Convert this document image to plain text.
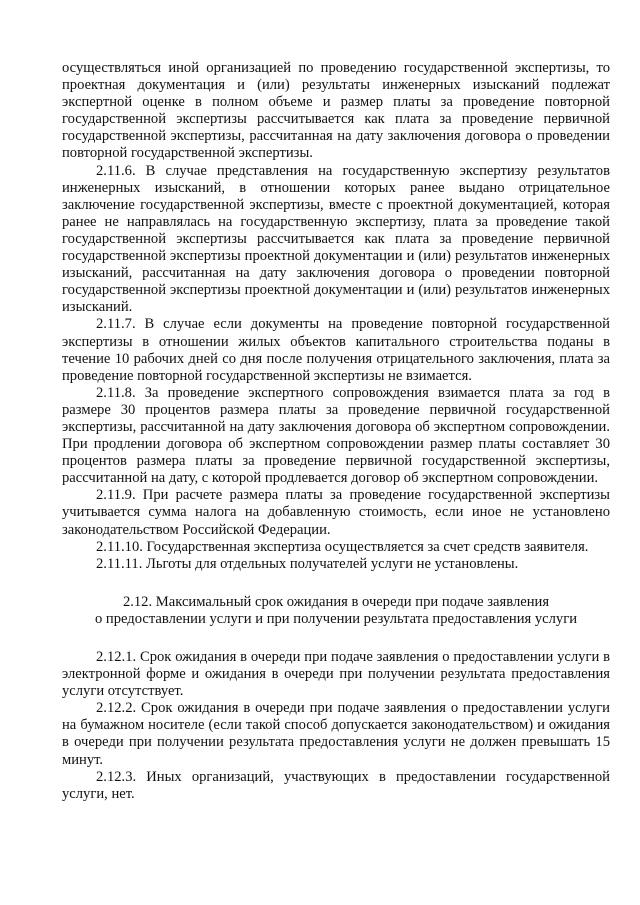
осуществляться иной организацией по проведению государственной экспертизы, то проектная документация и (или) результаты инженерных изысканий подлежат экспертной оценке в полном объеме и размер платы за проведение повторной государственной экспертизы рассчитывается как плата за проведение первичной государственной экспертизы, рассчитанная на дату заключения договора о проведении повторной государственной экспертизы.

2.11.6. В случае представления на государственную экспертизу результатов инженерных изысканий, в отношении которых ранее выдано отрицательное заключение государственной экспертизы, вместе с проектной документацией, которая ранее не направлялась на государственную экспертизу, плата за проведение такой государственной экспертизы рассчитывается как плата за проведение первичной государственной экспертизы проектной документации и (или) результатов инженерных изысканий, рассчитанная на дату заключения договора о проведении повторной государственной экспертизы проектной документации и (или) результатов инженерных изысканий.

2.11.7. В случае если документы на проведение повторной государственной экспертизы в отношении жилых объектов капитального строительства поданы в течение 10 рабочих дней со дня после получения отрицательного заключения, плата за проведение повторной государственной экспертизы не взимается.

2.11.8. За проведение экспертного сопровождения взимается плата за год в размере 30 процентов размера платы за проведение первичной государственной экспертизы, рассчитанной на дату заключения договора об экспертном сопровождении. При продлении договора об экспертном сопровождении размер платы составляет 30 процентов размера платы за проведение первичной государственной экспертизы, рассчитанной на дату, с которой продлевается договор об экспертном сопровождении.

2.11.9. При расчете размера платы за проведение государственной экспертизы учитывается сумма налога на добавленную стоимость, если иное не установлено законодательством Российской Федерации.

2.11.10. Государственная экспертиза осуществляется за счет средств заявителя.

2.11.11. Льготы для отдельных получателей услуги не установлены.

2.12. Максимальный срок ожидания в очереди при подаче заявления

о предоставлении услуги и при получении результата предоставления услуги

2.12.1. Срок ожидания в очереди при подаче заявления о предоставлении услуги в электронной форме и ожидания в очереди при получении результата предоставления услуги отсутствует.

2.12.2. Срок ожидания в очереди при подаче заявления о предоставлении услуги на бумажном носителе (если такой способ допускается законодательством) и ожидания в очереди при получении результата предоставления услуги не должен превышать 15 минут.

2.12.3. Иных организаций, участвующих в предоставлении государственной услуги, нет.
